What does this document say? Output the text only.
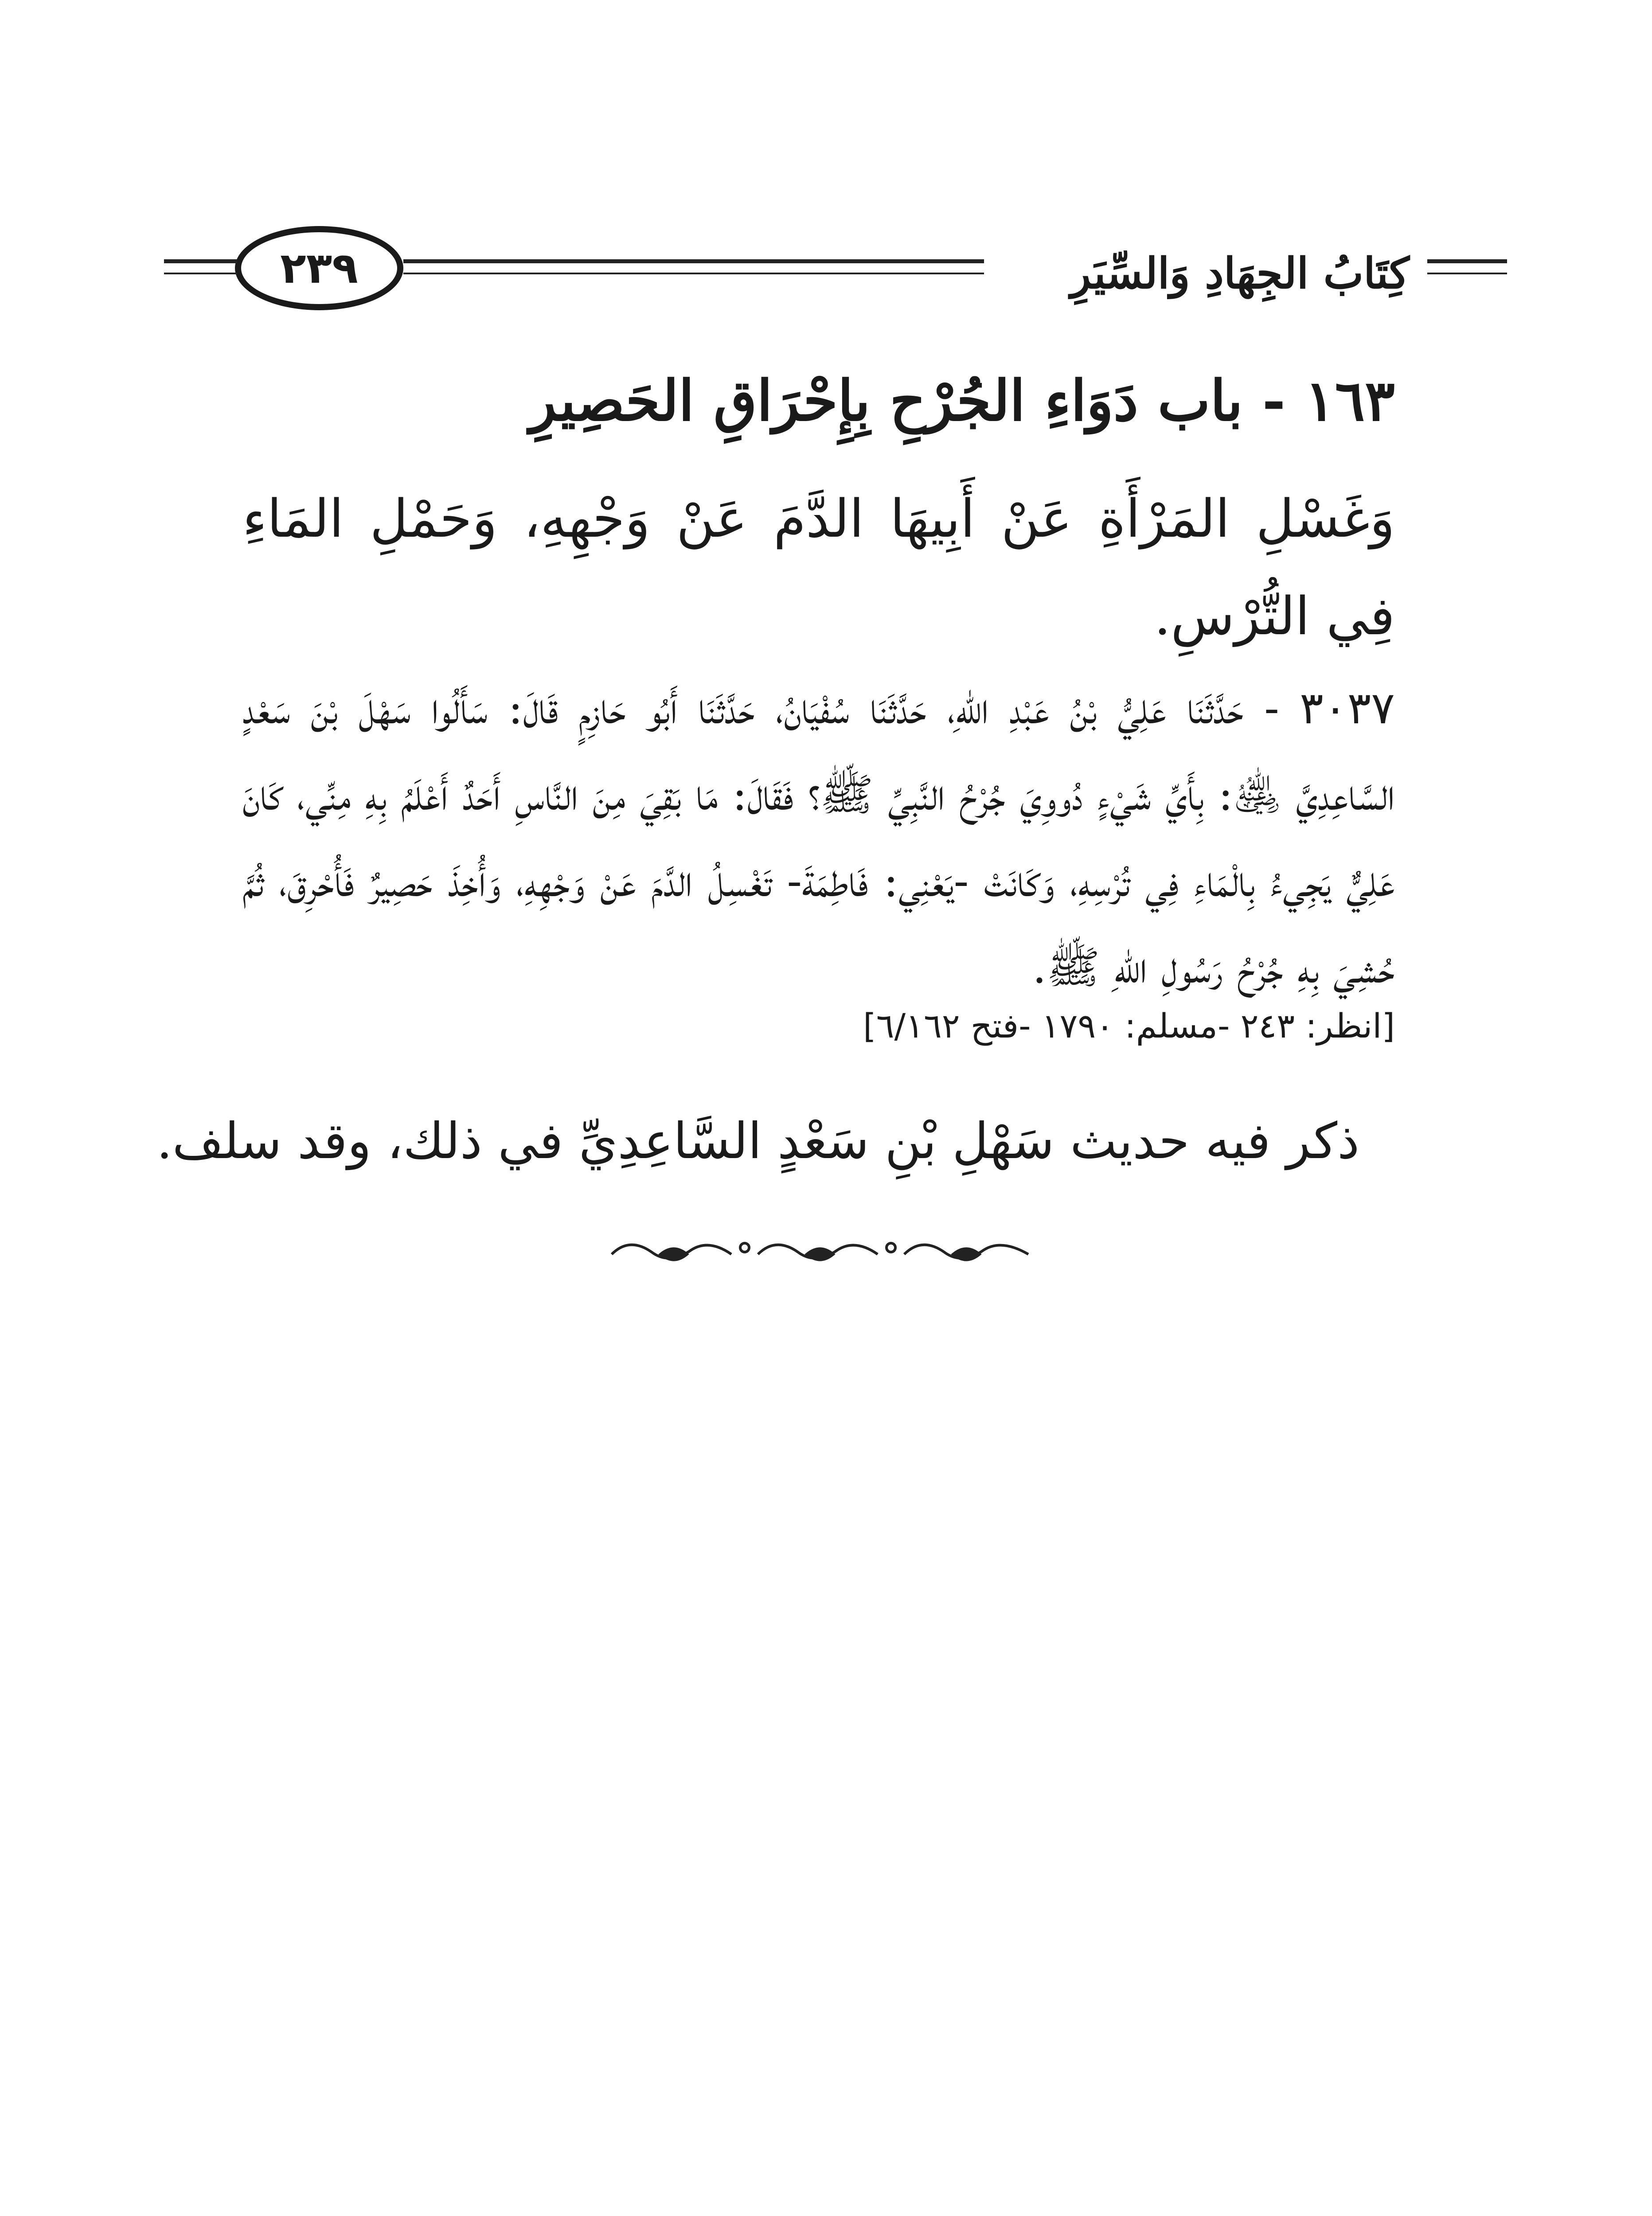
كِتَابُ الجِهَادِ وَالسِّيَرِ
٢٣٩
١٦٣ - باب دَوَاءِ الجُرْحِ بِإِحْرَاقِ الحَصِيرِ
وَغَسْلِ المَرْأَةِ عَنْ أَبِيهَا الدَّمَ عَنْ وَجْهِهِ، وَحَمْلِ المَاءِ فِي التُّرْسِ.
٣٠٣٧ - حَدَّثَنَا عَلِيُّ بْنُ عَبْدِ اللهِ، حَدَّثَنَا سُفْيَانُ، حَدَّثَنَا أَبُو حَازِمٍ قَالَ: سَأَلُوا سَهْلَ بْنَ سَعْدٍ السَّاعِدِيَّ ﵁: بِأَيِّ شَيْءٍ دُووِيَ جُرْحُ النَّبِيِّ ﷺ؟ فَقَالَ: مَا بَقِيَ مِنَ النَّاسِ أَحَدٌ أَعْلَمُ بِهِ مِنِّي، كَانَ عَلِيٌّ يَجِيءُ بِالْمَاءِ فِي تُرْسِهِ، وَكَانَتْ -يَعْنِي: فَاطِمَةَ- تَغْسِلُ الدَّمَ عَنْ وَجْهِهِ، وَأُخِذَ حَصِيرٌ فَأُحْرِقَ، ثُمَّ حُشِيَ بِهِ جُرْحُ رَسُولِ اللهِ ﷺ.
[انظر: ٢٤٣ -مسلم: ١٧٩٠ -فتح ٦/١٦٢]
ذكر فيه حديث سَهْلِ بْنِ سَعْدٍ السَّاعِدِيِّ في ذلك، وقد سلف.
